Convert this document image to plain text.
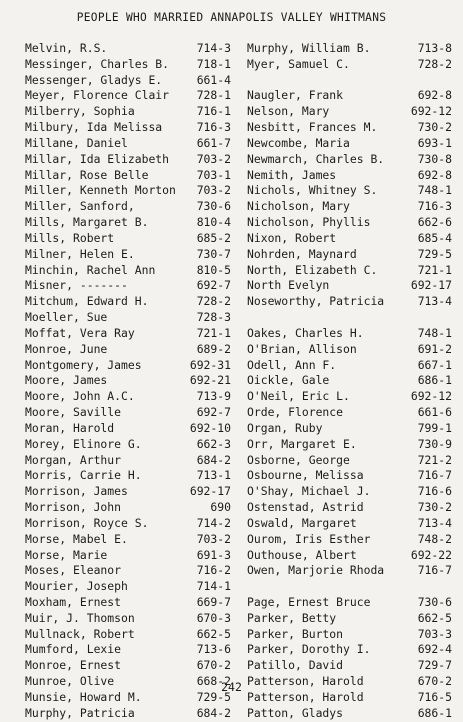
PEOPLE WHO MARRIED ANNAPOLIS VALLEY WHITMANS
Melvin, R.S.	714-3
Messinger, Charles B. 718-1
Messenger, Gladys E.	661-4
Meyer, Florence Clair 728-1
Milberry, Sophia	716-1
Milbury, Ida Melissa	716-3
Millane, Daniel	661-7
Millar, Ida Elizabeth 703-2
Millar, Rose Belle	703-1
Miller, Kenneth Morton 703-2
Miller, Sanford,	730-6
Mills, Margaret B.	810-4
Mills, Robert	685-2
Milner, Helen E.	730-7
Minchin, Rachel Ann	810-5
Misner, -------	692-7
Mitchum, Edward H.	728-2
Moeller, Sue	728-3
Moffat, Vera Ray	721-1
Monroe, June	689-2
Montgomery, James	692-31
Moore, James	692-21
Moore, John A.C.	713-9
Moore, Saville	692-7
Moran, Harold	692-10
Morey, Elinore G.	662-3
Morgan, Arthur	684-2
Morris, Carrie H.	713-1
Morrison, James	692-17
Morrison, John	690
Morrison, Royce S.	714-2
Morse, Mabel E.	703-2
Morse, Marie	691-3
Moses, Eleanor	716-2
Mourier, Joseph	714-1
Moxham, Ernest	669-7
Muir, J. Thomson	670-3
Mullnack, Robert	662-5
Mumford, Lexie	713-6
Monroe, Ernest	670-2
Munroe, Olive	668-2
Munsie, Howard M.	729-5
Murphy, Patricia	684-2
Murphy, William B.	713-8
Myer, Samuel C.	728-2
Naugler, Frank	692-8
Nelson, Mary	692-12
Nesbitt, Frances M.	730-2
Newcombe, Maria	693-1
Newmarch, Charles B.	730-8
Nemith, James	692-8
Nichols, Whitney S.	748-1
Nicholson, Mary	716-3
Nicholson, Phyllis	662-6
Nixon, Robert	685-4
Nohrden, Maynard	729-5
North, Elizabeth C.	721-1
North Evelyn	692-17
Noseworthy, Patricia	713-4
Oakes, Charles H.	748-1
O'Brian, Allison	691-2
Odell, Ann F.	667-1
Oickle, Gale	686-1
O'Neil, Eric L.	692-12
Orde, Florence	661-6
Organ, Ruby	799-1
Orr, Margaret E.	730-9
Osborne, George	721-2
Osbourne, Melissa	716-7
O'Shay, Michael J.	716-6
Ostenstad, Astrid	730-2
Oswald, Margaret	713-4
Ourom, Iris Esther	748-2
Outhouse, Albert	692-22
Owen, Marjorie Rhoda	716-7
Page, Ernest Bruce	730-6
Parker, Betty	662-5
Parker, Burton	703-3
Parker, Dorothy I.	692-4
Patillo, David	729-7
Patterson, Harold	670-2
Patterson, Harold	716-5
Patton, Gladys	686-1
242
